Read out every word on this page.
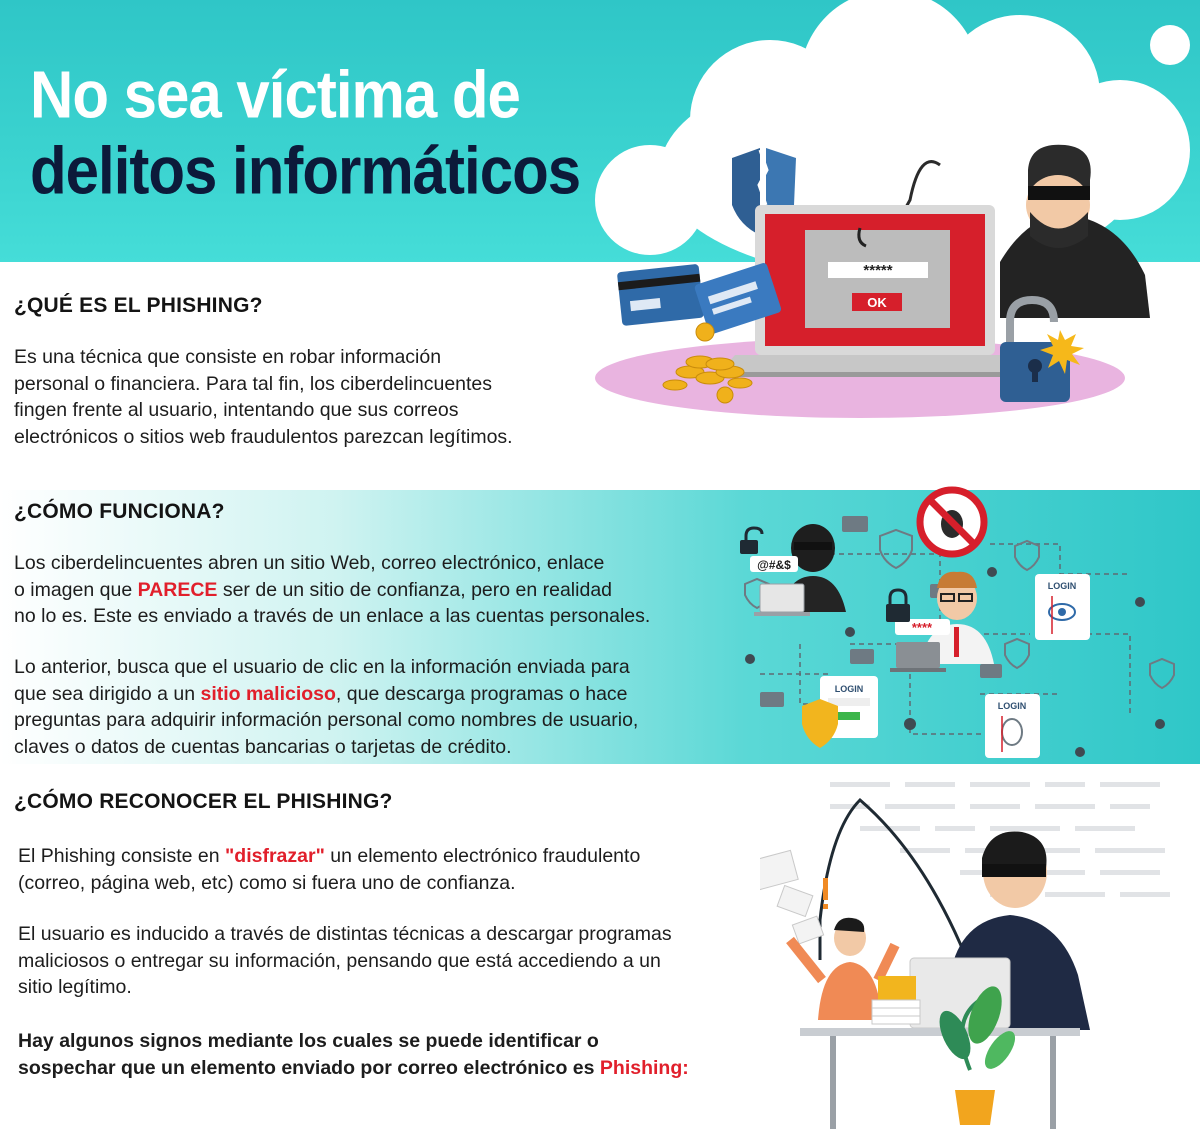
No sea víctima de
delitos informáticos
¿QUÉ ES EL PHISHING?
Es una técnica que consiste en robar información
personal o financiera. Para tal fin, los ciberdelincuentes
fingen frente al usuario, intentando que sus correos
electrónicos o sitios web fraudulentos parezcan legítimos.
*****
OK
¿CÓMO FUNCIONA?
Los ciberdelincuentes abren un sitio Web, correo electrónico, enlace
o imagen que PARECE ser de un sitio de confianza, pero en realidad
no lo es. Este es enviado a través de un enlace a las cuentas personales.
Lo anterior, busca que el usuario de clic en la información enviada para
que sea dirigido a un sitio malicioso, que descarga programas o hace
preguntas para adquirir información personal como nombres de usuario,
claves o datos de cuentas bancarias o tarjetas de crédito.
@#&$
****
LOGIN
LOGIN
LOGIN
¿CÓMO RECONOCER EL PHISHING?
El Phishing consiste en "disfrazar" un elemento electrónico fraudulento
(correo, página web, etc) como si fuera uno de confianza.
El usuario es inducido a través de distintas técnicas a descargar programas
maliciosos o entregar su información, pensando que está accediendo a un
sitio legítimo.
Hay algunos signos mediante los cuales se puede identificar o
sospechar que un elemento enviado por correo electrónico es Phishing:
